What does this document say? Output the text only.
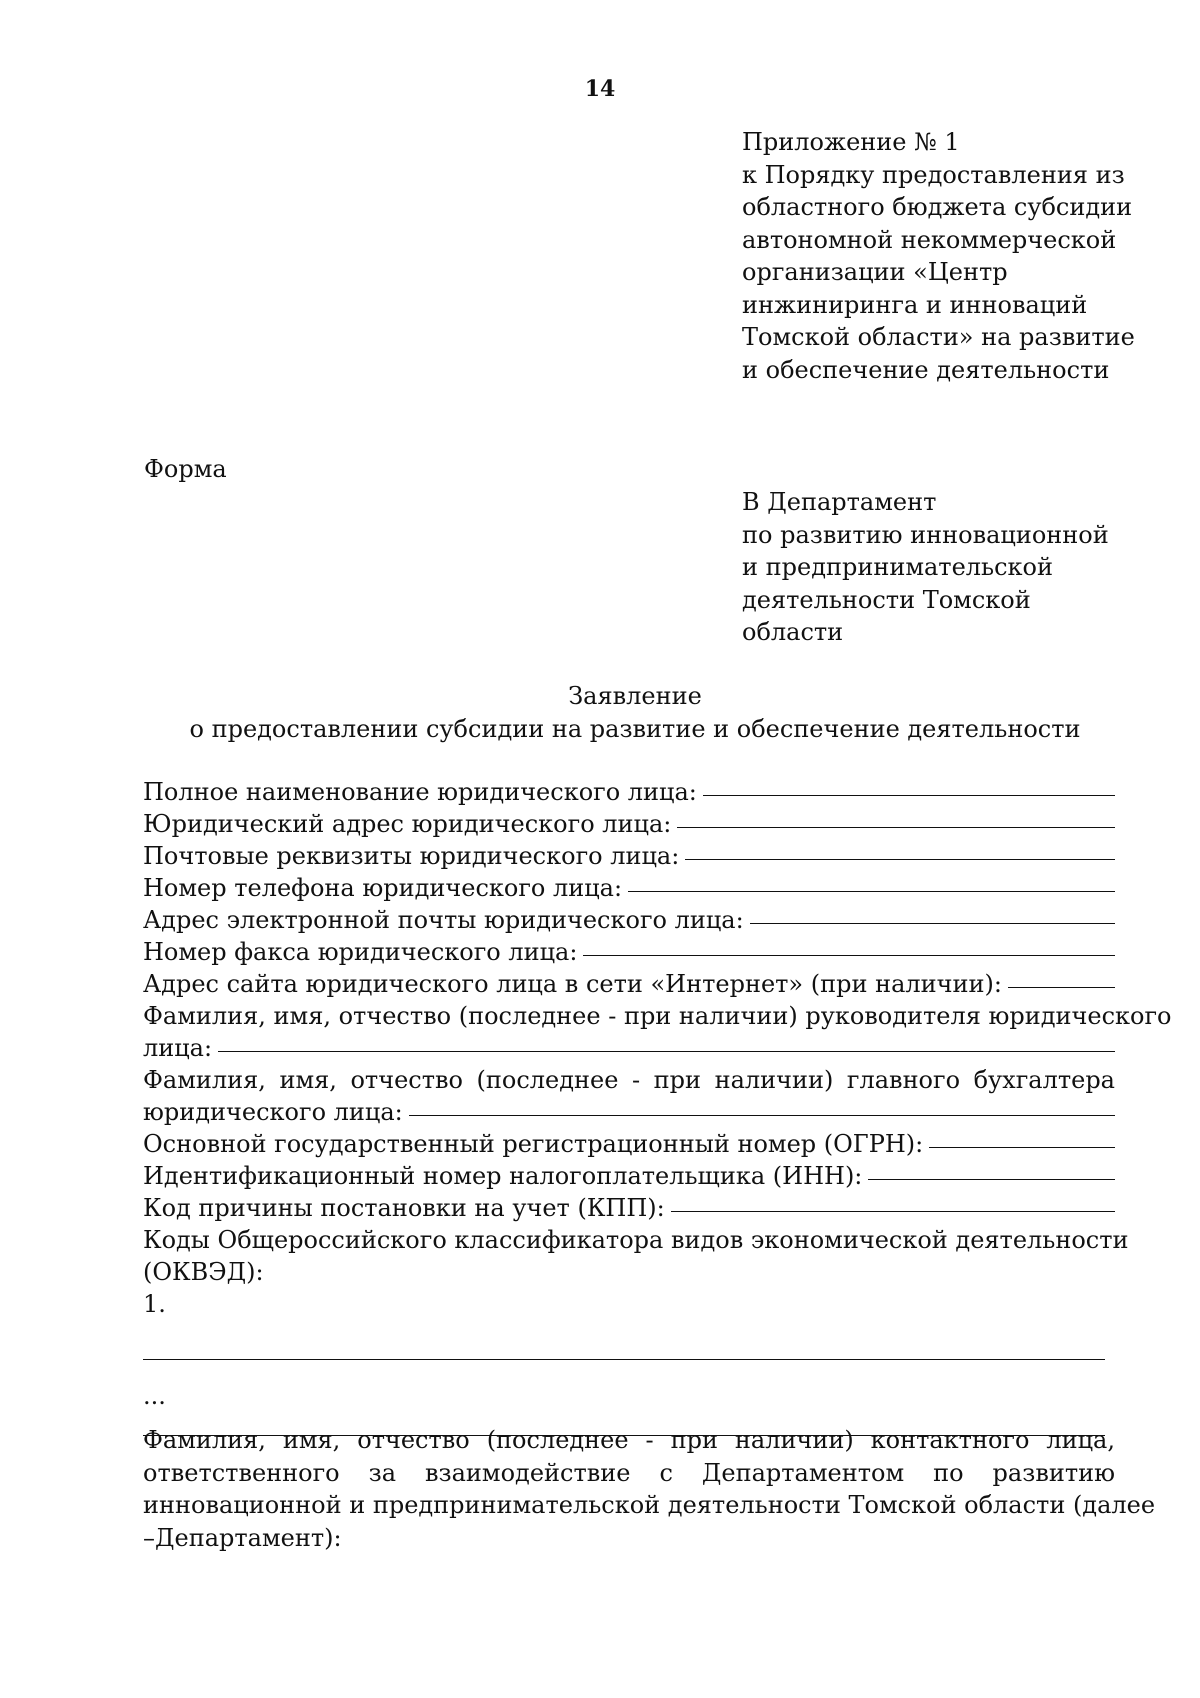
14
Приложение № 1
к Порядку предоставления из
областного бюджета субсидии
автономной некоммерческой
организации «Центр
инжиниринга и инноваций
Томской области» на развитие
и обеспечение деятельности
Форма
В Департамент
по развитию инновационной
и предпринимательской
деятельности Томской
области
Заявление
о предоставлении субсидии на развитие и обеспечение деятельности
Полное наименование юридического лица:
Юридический адрес юридического лица:
Почтовые реквизиты юридического лица:
Номер телефона юридического лица:
Адрес электронной почты юридического лица:
Номер факса юридического лица:
Адрес сайта юридического лица в сети «Интернет» (при наличии):
Фамилия, имя, отчество (последнее - при наличии) руководителя юридического
лица:
Фамилия, имя, отчество (последнее - при наличии) главного бухгалтера
юридического лица:
Основной государственный регистрационный номер (ОГРН):
Идентификационный номер налогоплательщика (ИНН):
Код причины постановки на учет (КПП):
Коды Общероссийского классификатора видов экономической деятельности
(ОКВЭД):
1.
...
Фамилия, имя, отчество (последнее - при наличии) контактного лица,
ответственного за взаимодействие с Департаментом по развитию
инновационной и предпринимательской деятельности Томской области (далее
–Департамент):
